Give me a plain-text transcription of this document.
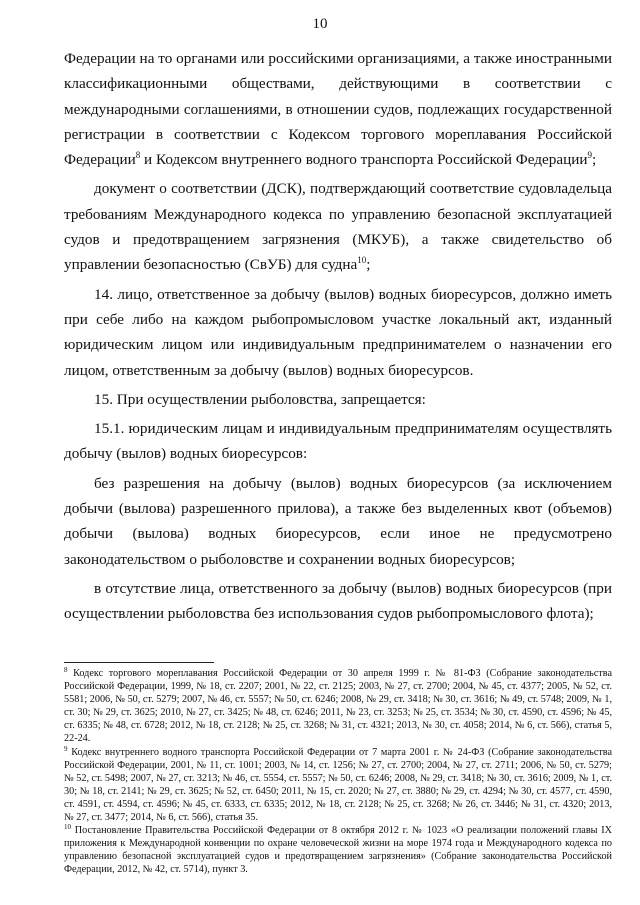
10

Федерации на то органами или российскими организациями, а также иностранными классификационными обществами, действующими в соответствии с международными соглашениями, в отношении судов, подлежащих государственной регистрации в соответствии с Кодексом торгового мореплавания Российской Федерации$^8$ и Кодексом внутреннего водного транспорта Российской Федерации$^9$;

документ о соответствии (ДСК), подтверждающий соответствие судовладельца требованиям Международного кодекса по управлению безопасной эксплуатацией судов и предотвращением загрязнения (МКУБ), а также свидетельство об управлении безопасностью (СвУБ) для судна$^{10}$;

14. лицо, ответственное за добычу (вылов) водных биоресурсов, должно иметь при себе либо на каждом рыбопромысловом участке локальный акт, изданный юридическим лицом или индивидуальным предпринимателем о назначении его лицом, ответственным за добычу (вылов) водных биоресурсов.

15. При осуществлении рыболовства, запрещается:

15.1. юридическим лицам и индивидуальным предпринимателям осуществлять добычу (вылов) водных биоресурсов:

без разрешения на добычу (вылов) водных биоресурсов (за исключением добычи (вылова) разрешенного прилова), а также без выделенных квот (объемов) добычи (вылова) водных биоресурсов, если иное не предусмотрено законодательством о рыболовстве и сохранении водных биоресурсов;

в отсутствие лица, ответственного за добычу (вылов) водных биоресурсов (при осуществлении рыболовства без использования судов рыбопромыслового флота);

$^8$ Кодекс торгового мореплавания Российской Федерации от 30 апреля 1999 г. № 81-ФЗ (Собрание законодательства Российской Федерации, 1999, № 18, ст. 2207; 2001, № 22, ст. 2125; 2003, № 27, ст. 2700; 2004, № 45, ст. 4377; 2005, № 52, ст. 5581; 2006, № 50, ст. 5279; 2007, № 46, ст. 5557; № 50, ст. 6246; 2008, № 29, ст. 3418; № 30, ст. 3616; № 49, ст. 5748; 2009, № 1, ст. 30; № 29, ст. 3625; 2010, № 27, ст. 3425; № 48, ст. 6246; 2011, № 23, ст. 3253; № 25, ст. 3534; № 30, ст. 4590, ст. 4596; № 45, ст. 6335; № 48, ст. 6728; 2012, № 18, ст. 2128; № 25, ст. 3268; № 31, ст. 4321; 2013, № 30, ст. 4058; 2014, № 6, ст. 566), статья 5, 22-24.

$^9$ Кодекс внутреннего водного транспорта Российской Федерации от 7 марта 2001 г. № 24-ФЗ (Собрание законодательства Российской Федерации, 2001, № 11, ст. 1001; 2003, № 14, ст. 1256; № 27, ст. 2700; 2004, № 27, ст. 2711; 2006, № 50, ст. 5279; № 52, ст. 5498; 2007, № 27, ст. 3213; № 46, ст. 5554, ст. 5557; № 50, ст. 6246; 2008, № 29, ст. 3418; № 30, ст. 3616; 2009, № 1, ст. 30; № 18, ст. 2141; № 29, ст. 3625; № 52, ст. 6450; 2011, № 15, ст. 2020; № 27, ст. 3880; № 29, ст. 4294; № 30, ст. 4577, ст. 4590, ст. 4591, ст. 4594, ст. 4596; № 45, ст. 6333, ст. 6335; 2012, № 18, ст. 2128; № 25, ст. 3268; № 26, ст. 3446; № 31, ст. 4320; 2013, № 27, ст. 3477; 2014, № 6, ст. 566), статья 35.

$^{10}$ Постановление Правительства Российской Федерации от 8 октября 2012 г. № 1023 «О реализации положений главы IX приложения к Международной конвенции по охране человеческой жизни на море 1974 года и Международного кодекса по управлению безопасной эксплуатацией судов и предотвращением загрязнения» (Собрание законодательства Российской Федерации, 2012, № 42, ст. 5714), пункт 3.
